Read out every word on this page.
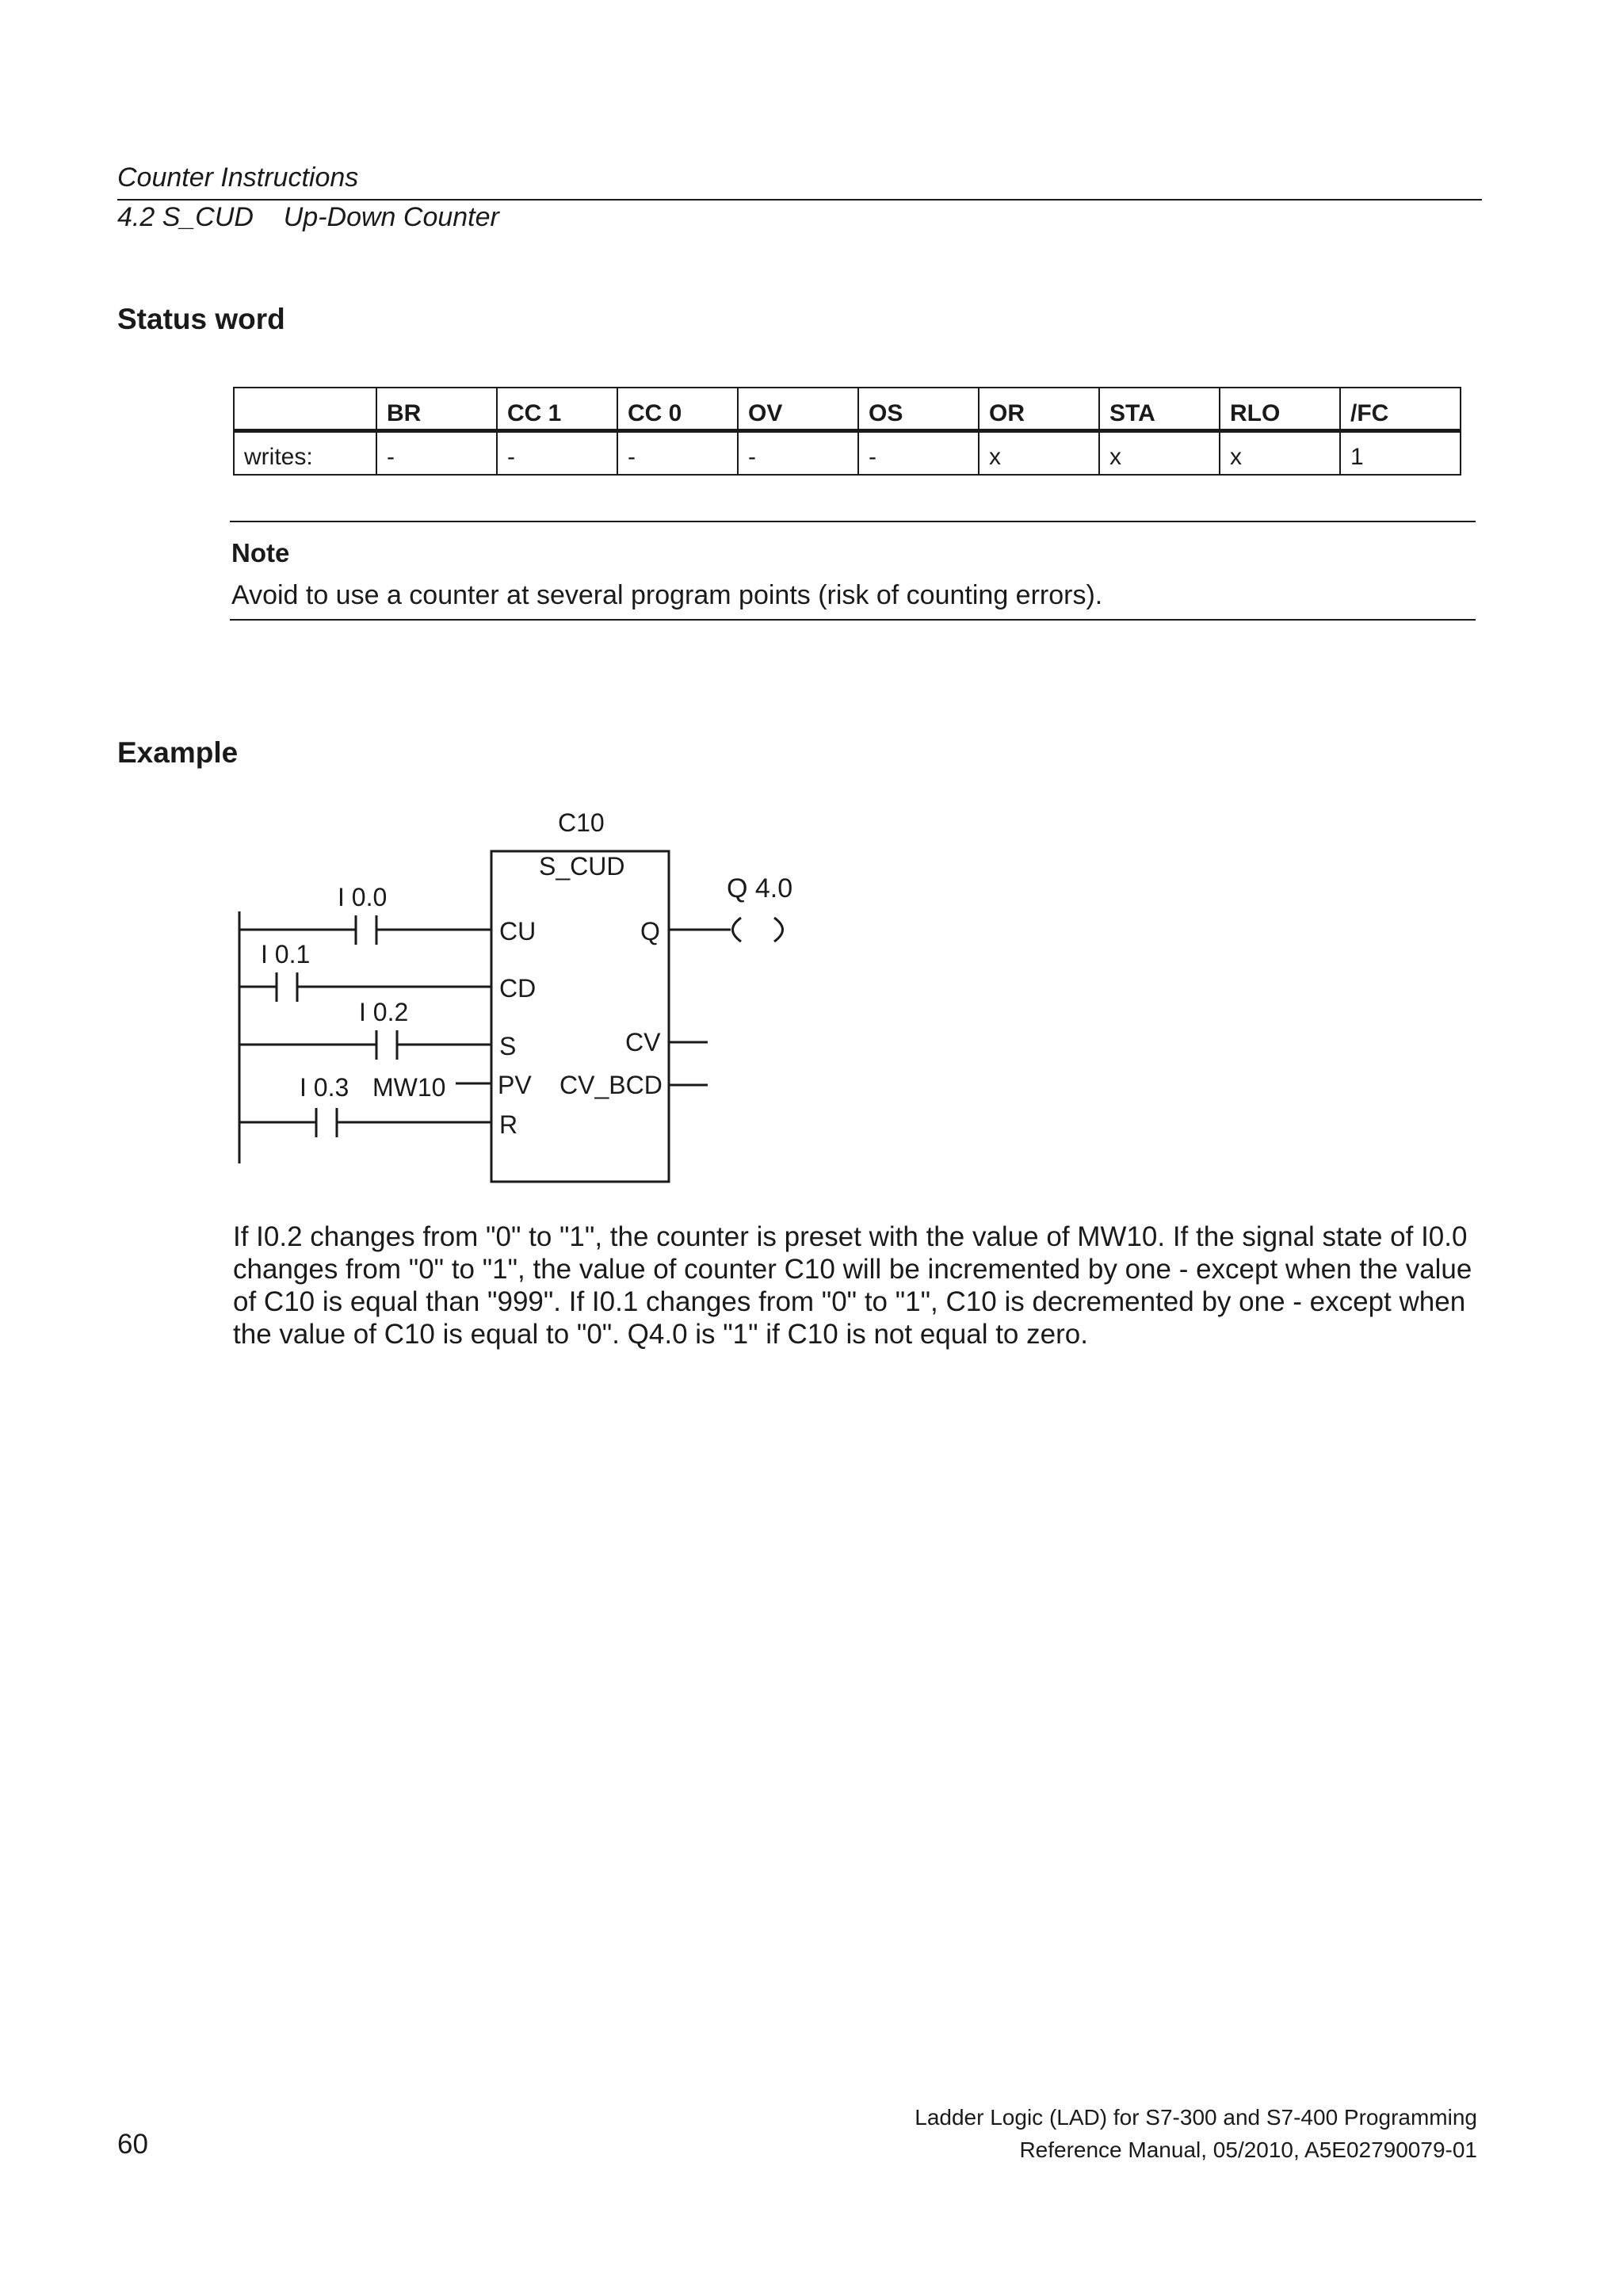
Counter Instructions
4.2 S_CUD    Up-Down Counter
Status word
	BR	CC 1	CC 0	OV	OS	OR	STA	RLO	/FC
writes:	-	-	-	-	-	x	x	x	1
Note
Avoid to use a counter at several program points (risk of counting errors).
Example
C10
S_CUD
I 0.0
I 0.1
I 0.2
I 0.3 MW10
CU
CD
S
PV
R
Q
CV
CV_BCD
Q 4.0

If I0.2 changes from "0" to "1", the counter is preset with the value of MW10. If the signal state of I0.0

changes from "0" to "1", the value of counter C10 will be incremented by one - except when the value

of C10 is equal than "999". If I0.1 changes from "0" to "1", C10 is decremented by one - except when

the value of C10 is equal to "0". Q4.0 is "1" if C10 is not equal to zero.

60
Ladder Logic (LAD) for S7-300 and S7-400 Programming
Reference Manual, 05/2010, A5E02790079-01
